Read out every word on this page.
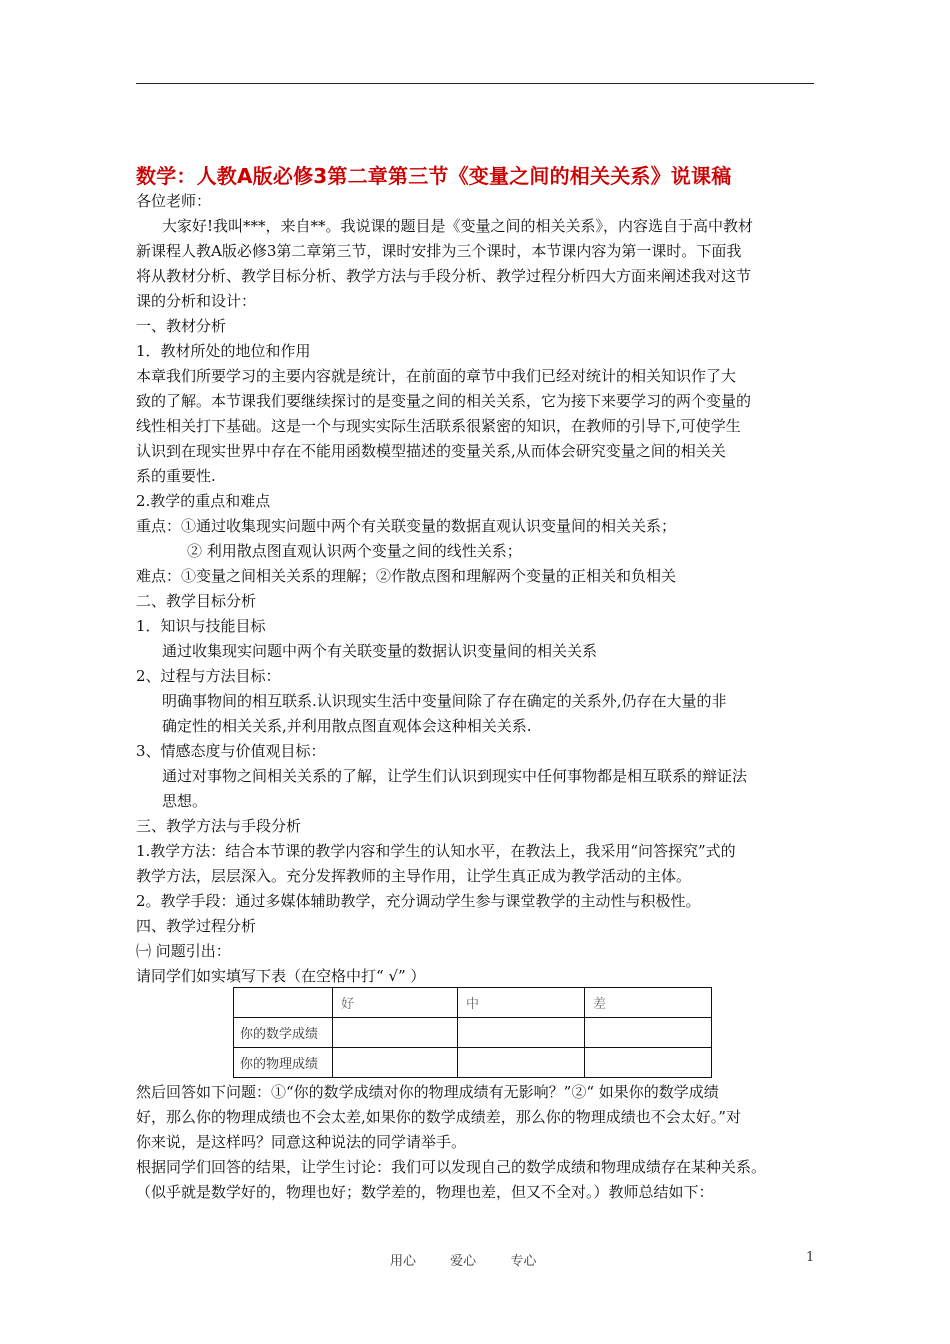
数学：人教A版必修3第二章第三节《变量之间的相关关系》说课稿
各位老师：
大家好!我叫***，来自**。我说课的题目是《变量之间的相关关系》，内容选自于高中教材
新课程人教A版必修3第二章第三节，课时安排为三个课时，本节课内容为第一课时。下面我
将从教材分析、教学目标分析、教学方法与手段分析、教学过程分析四大方面来阐述我对这节
课的分析和设计：
一、教材分析
1．教材所处的地位和作用
本章我们所要学习的主要内容就是统计，在前面的章节中我们已经对统计的相关知识作了大
致的了解。本节课我们要继续探讨的是变量之间的相关关系，它为接下来要学习的两个变量的
线性相关打下基础。这是一个与现实实际生活联系很紧密的知识，在教师的引导下,可使学生
认识到在现实世界中存在不能用函数模型描述的变量关系,从而体会研究变量之间的相关关
系的重要性.
2.教学的重点和难点
重点：①通过收集现实问题中两个有关联变量的数据直观认识变量间的相关关系；
② 利用散点图直观认识两个变量之间的线性关系；
难点：①变量之间相关关系的理解；②作散点图和理解两个变量的正相关和负相关
二、教学目标分析
1．知识与技能目标
通过收集现实问题中两个有关联变量的数据认识变量间的相关关系
2、过程与方法目标：
明确事物间的相互联系.认识现实生活中变量间除了存在确定的关系外,仍存在大量的非
确定性的相关关系,并利用散点图直观体会这种相关关系.
3、情感态度与价值观目标：
通过对事物之间相关关系的了解，让学生们认识到现实中任何事物都是相互联系的辩证法
思想。
三、教学方法与手段分析
1.教学方法：结合本节课的教学内容和学生的认知水平，在教法上，我采用“问答探究”式的
教学方法，层层深入。充分发挥教师的主导作用，让学生真正成为教学活动的主体。
2。教学手段：通过多媒体辅助教学，充分调动学生参与课堂教学的主动性与积极性。
四、教学过程分析
㈠ 问题引出：
请同学们如实填写下表（在空格中打“ √” ）
	好	中	差
你的数学成绩			
你的物理成绩			
然后回答如下问题：①“你的数学成绩对你的物理成绩有无影响？”②“ 如果你的数学成绩
好，那么你的物理成绩也不会太差,如果你的数学成绩差，那么你的物理成绩也不会太好。”对
你来说，是这样吗？同意这种说法的同学请举手。
根据同学们回答的结果，让学生讨论：我们可以发现自己的数学成绩和物理成绩存在某种关系。
（似乎就是数学好的，物理也好；数学差的，物理也差，但又不全对。）教师总结如下：
用心	爱心	专心	1
